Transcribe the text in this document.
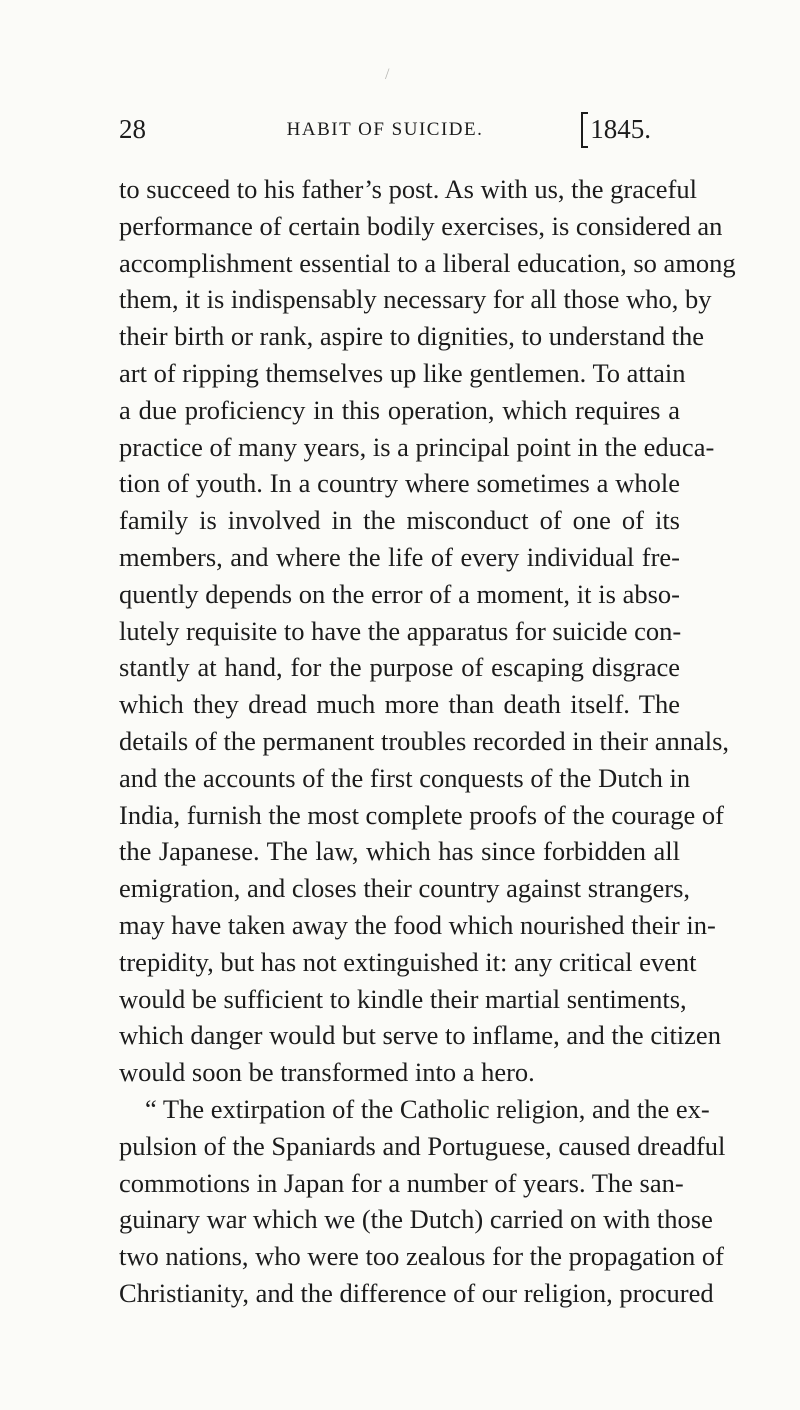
/
28	HABIT OF SUICIDE.	1845.
to succeed to his father’s post. As with us, the graceful
performance of certain bodily exercises, is considered an
accomplishment essential to a liberal education, so among
them, it is indispensably necessary for all those who, by
their birth or rank, aspire to dignities, to understand the
art of ripping themselves up like gentlemen. To attain
a due proficiency in this operation, which requires a
practice of many years, is a principal point in the educa-
tion of youth. In a country where sometimes a whole
family is involved in the misconduct of one of its
members, and where the life of every individual fre-
quently depends on the error of a moment, it is abso-
lutely requisite to have the apparatus for suicide con-
stantly at hand, for the purpose of escaping disgrace
which they dread much more than death itself. The
details of the permanent troubles recorded in their annals,
and the accounts of the first conquests of the Dutch in
India, furnish the most complete proofs of the courage of
the Japanese. The law, which has since forbidden all
emigration, and closes their country against strangers,
may have taken away the food which nourished their in-
trepidity, but has not extinguished it: any critical event
would be sufficient to kindle their martial sentiments,
which danger would but serve to inflame, and the citizen
would soon be transformed into a hero.
“ The extirpation of the Catholic religion, and the ex-
pulsion of the Spaniards and Portuguese, caused dreadful
commotions in Japan for a number of years. The san-
guinary war which we (the Dutch) carried on with those
two nations, who were too zealous for the propagation of
Christianity, and the difference of our religion, procured
